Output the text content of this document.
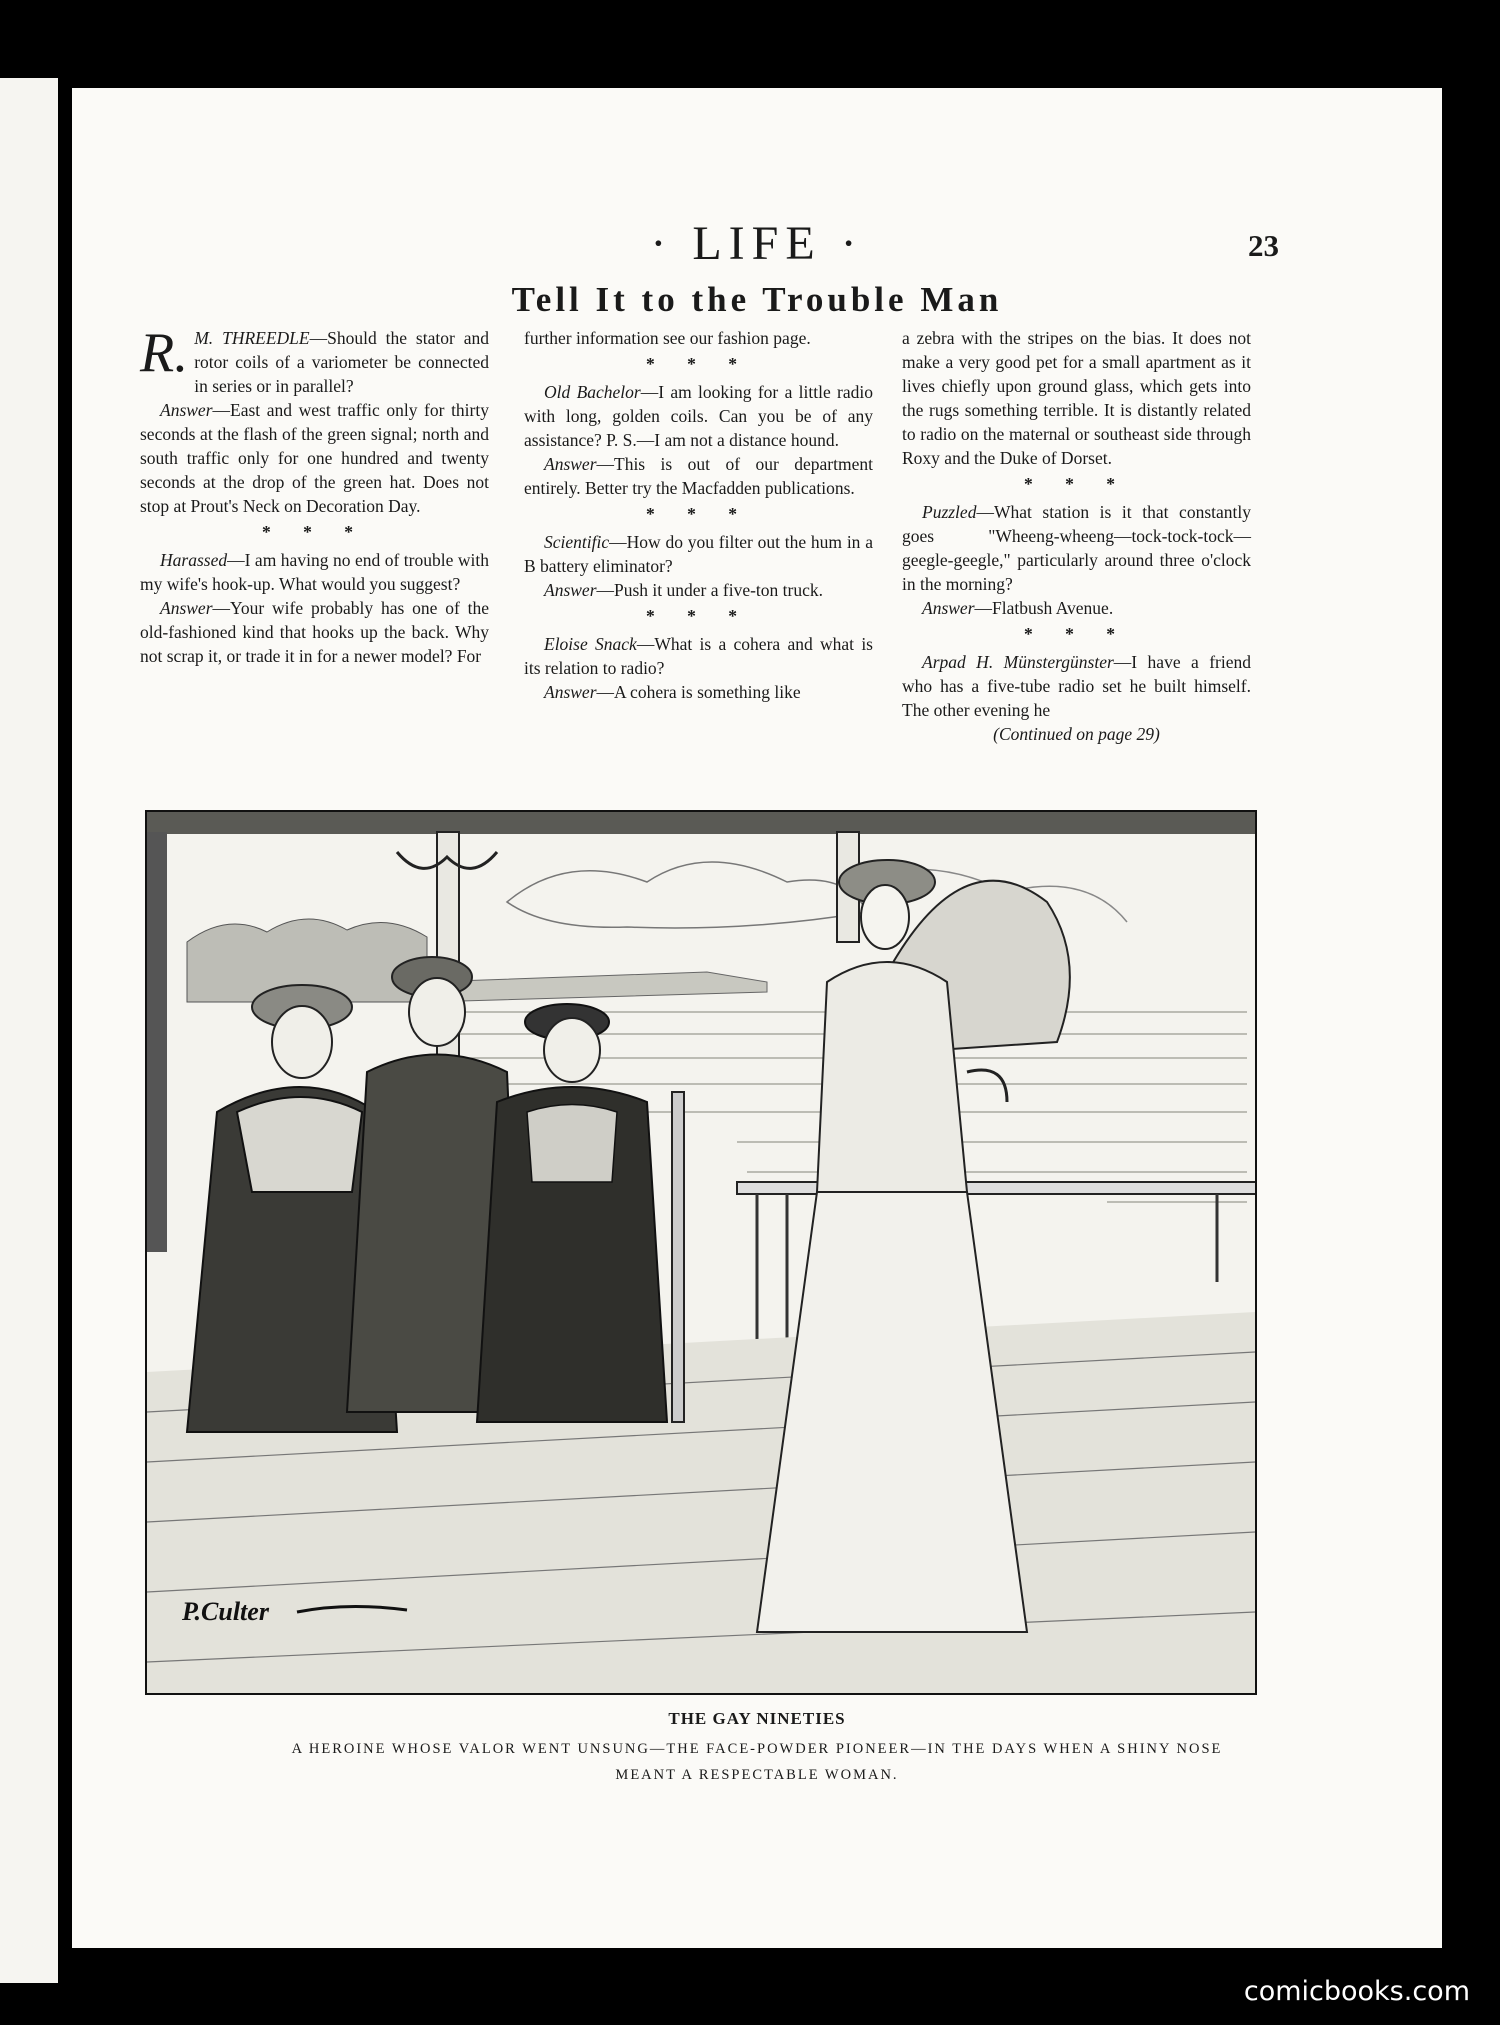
· LIFE ·	23
Tell It to the Trouble Man

R. M. THREEDLE—Should the stator and rotor coils of a variometer be connected in series or in parallel?

Answer—East and west traffic only for thirty seconds at the flash of the green signal; north and south traffic only for one hundred and twenty seconds at the drop of the green hat. Does not stop at Prout's Neck on Decoration Day.

* * *

Harassed—I am having no end of trouble with my wife's hook-up. What would you suggest?

Answer—Your wife probably has one of the old-fashioned kind that hooks up the back. Why not scrap it, or trade it in for a newer model? For

further information see our fashion page.

* * *

Old Bachelor—I am looking for a little radio with long, golden coils. Can you be of any assistance? P. S.—I am not a distance hound.

Answer—This is out of our department entirely. Better try the Macfadden publications.

* * *

Scientific—How do you filter out the hum in a B battery eliminator?

Answer—Push it under a five-ton truck.

* * *

Eloise Snack—What is a cohera and what is its relation to radio?

Answer—A cohera is something like

a zebra with the stripes on the bias. It does not make a very good pet for a small apartment as it lives chiefly upon ground glass, which gets into the rugs something terrible. It is distantly related to radio on the maternal or southeast side through Roxy and the Duke of Dorset.

* * *

Puzzled—What station is it that constantly goes "Wheeng-wheeng—tock-tock-tock—geegle-geegle," particularly around three o'clock in the morning?

Answer—Flatbush Avenue.

* * *

Arpad H. Münstergünster—I have a friend who has a five-tube radio set he built himself. The other evening he

(Continued on page 29)

P.Culter
THE GAY NINETIES
A HEROINE WHOSE VALOR WENT UNSUNG—THE FACE-POWDER PIONEER—IN THE DAYS WHEN A SHINY NOSE MEANT A RESPECTABLE WOMAN.
comicbooks.com
